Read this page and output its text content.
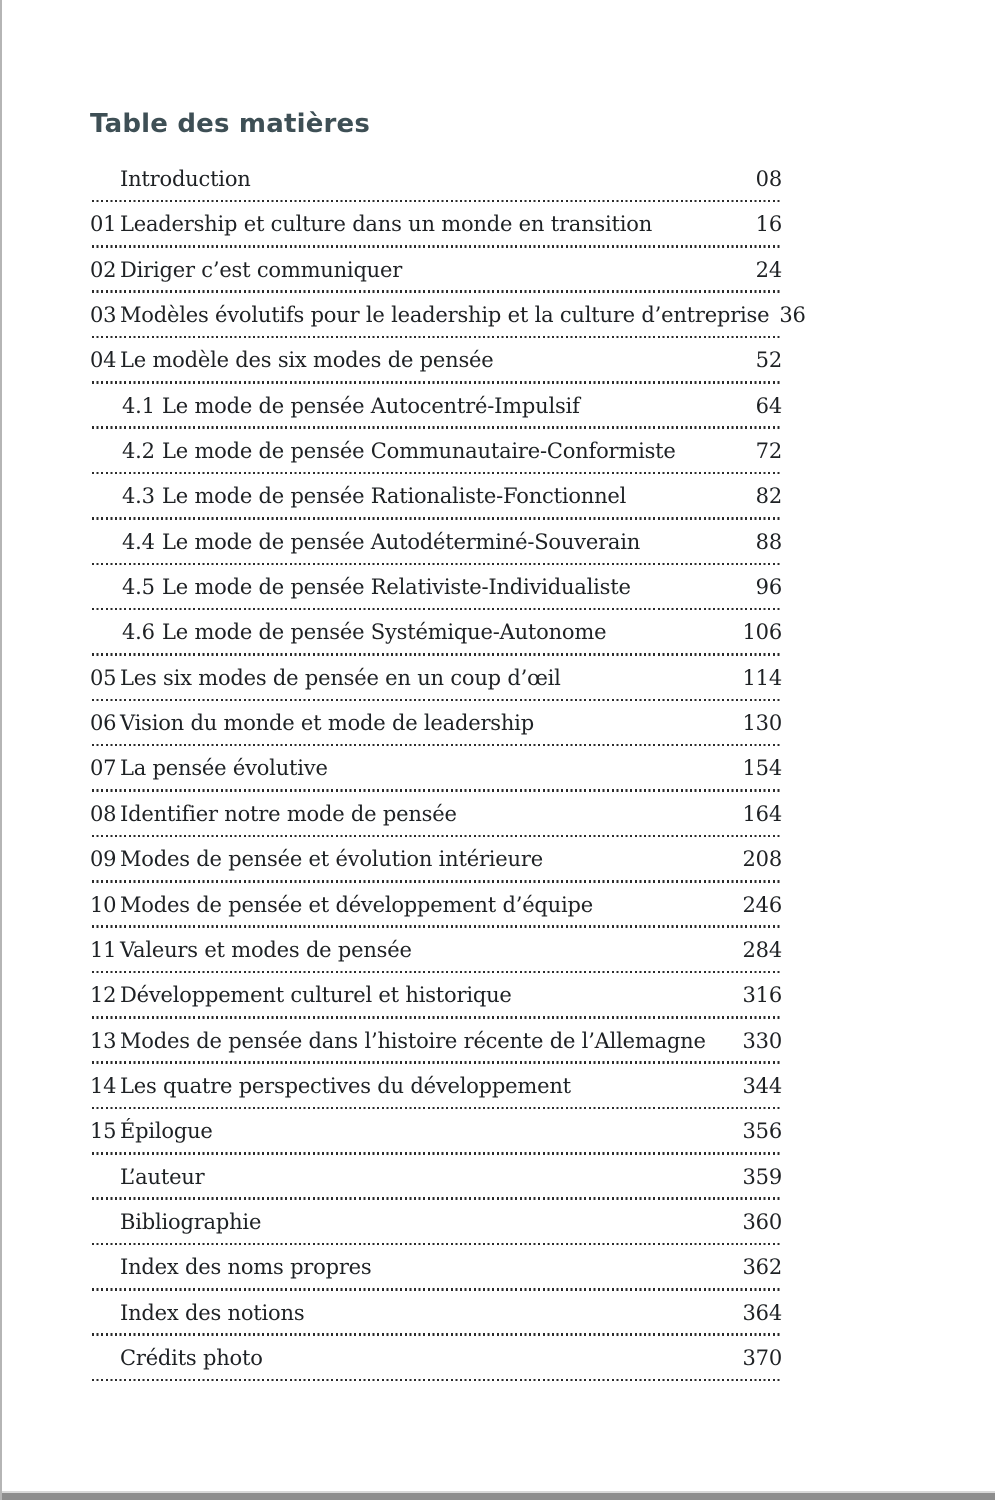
Table des matières
Introduction	08
01 Leadership et culture dans un monde en transition	16
02 Diriger c’est communiquer	24
03 Modèles évolutifs pour le leadership et la culture d’entreprise 36
04 Le modèle des six modes de pensée	52
4.1 Le mode de pensée Autocentré-Impulsif	64
4.2 Le mode de pensée Communautaire-Conformiste	72
4.3 Le mode de pensée Rationaliste-Fonctionnel	82
4.4 Le mode de pensée Autodéterminé-Souverain	88
4.5 Le mode de pensée Relativiste-Individualiste	96
4.6 Le mode de pensée Systémique-Autonome	106
05 Les six modes de pensée en un coup d’œil	114
06 Vision du monde et mode de leadership	130
07 La pensée évolutive	154
08 Identifier notre mode de pensée	164
09 Modes de pensée et évolution intérieure	208
10 Modes de pensée et développement d’équipe	246
11 Valeurs et modes de pensée	284
12 Développement culturel et historique	316
13 Modes de pensée dans l’histoire récente de l’Allemagne	330
14 Les quatre perspectives du développement	344
15 Épilogue	356
L’auteur	359
Bibliographie	360
Index des noms propres	362
Index des notions	364
Crédits photo	370
